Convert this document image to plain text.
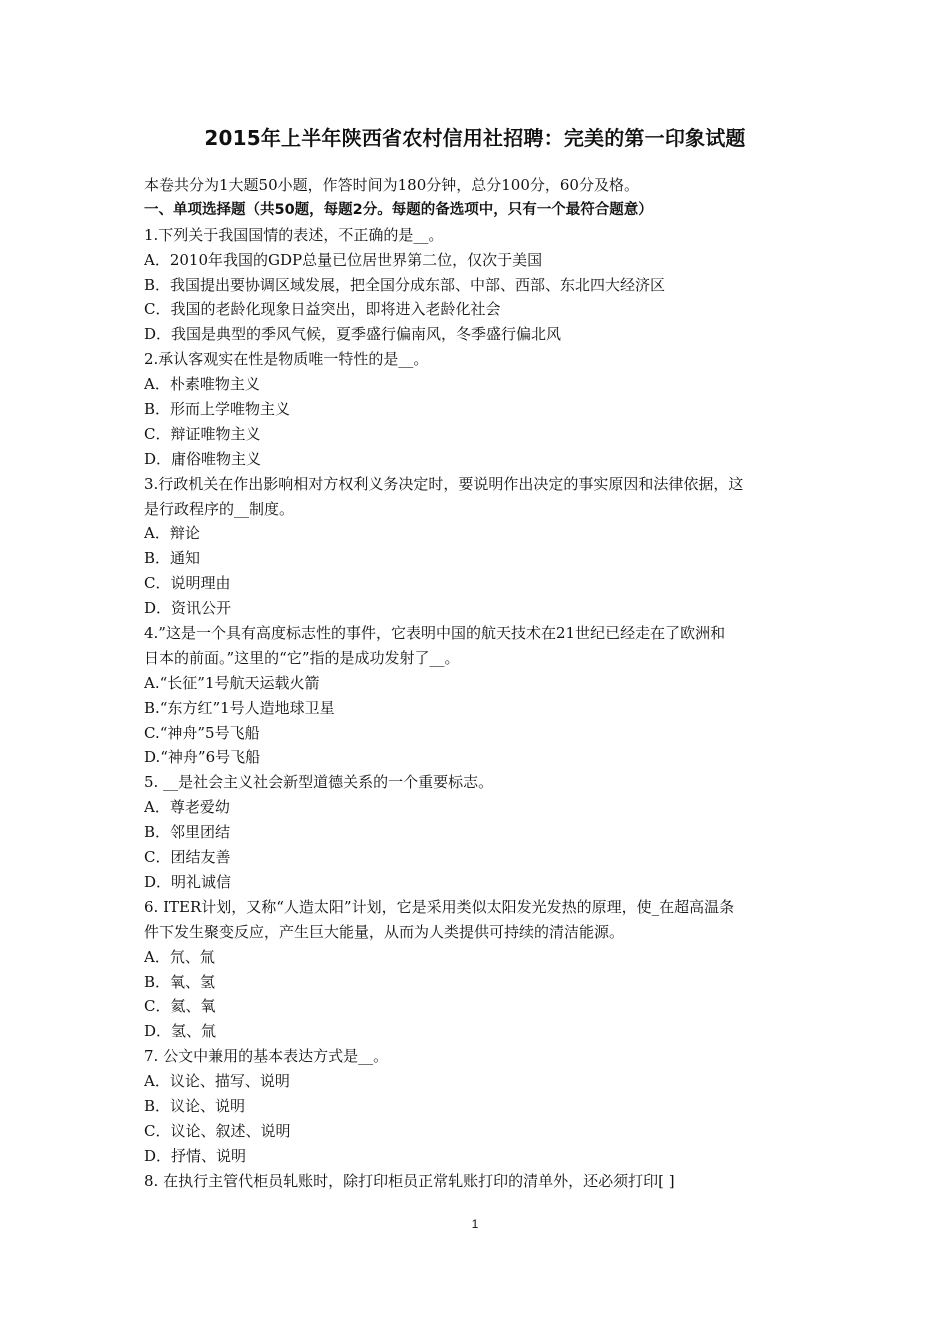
2015年上半年陕西省农村信用社招聘：完美的第一印象试题
本卷共分为1大题50小题，作答时间为180分钟，总分100分，60分及格。
一、单项选择题（共50题，每题2分。每题的备选项中，只有一个最符合题意）
1.下列关于我国国情的表述，不正确的是__。
A．2010年我国的GDP总量已位居世界第二位，仅次于美国
B．我国提出要协调区域发展，把全国分成东部、中部、西部、东北四大经济区
C．我国的老龄化现象日益突出，即将进入老龄化社会
D．我国是典型的季风气候，夏季盛行偏南风，冬季盛行偏北风
2.承认客观实在性是物质唯一特性的是__。
A．朴素唯物主义
B．形而上学唯物主义
C．辩证唯物主义
D．庸俗唯物主义
3.行政机关在作出影响相对方权利义务决定时，要说明作出决定的事实原因和法律依据，这
是行政程序的__制度。
A．辩论
B．通知
C．说明理由
D．资讯公开
4.”这是一个具有高度标志性的事件，它表明中国的航天技术在21世纪已经走在了欧洲和
日本的前面。”这里的“它”指的是成功发射了__。
A.“长征”1号航天运载火箭
B.“东方红”1号人造地球卫星
C.“神舟”5号飞船
D.“神舟”6号飞船
5. __是社会主义社会新型道德关系的一个重要标志。
A．尊老爱幼
B．邻里团结
C．团结友善
D．明礼诚信
6. ITER计划，又称“人造太阳”计划，它是采用类似太阳发光发热的原理，使_在超高温条
件下发生聚变反应，产生巨大能量，从而为人类提供可持续的清洁能源。
A．氘、氚
B．氧、氢
C．氦、氧
D．氢、氚
7. 公文中兼用的基本表达方式是__。
A．议论、描写、说明
B．议论、说明
C．议论、叙述、说明
D．抒情、说明
8. 在执行主管代柜员轧账时，除打印柜员正常轧账打印的清单外，还必须打印[ ]
1
